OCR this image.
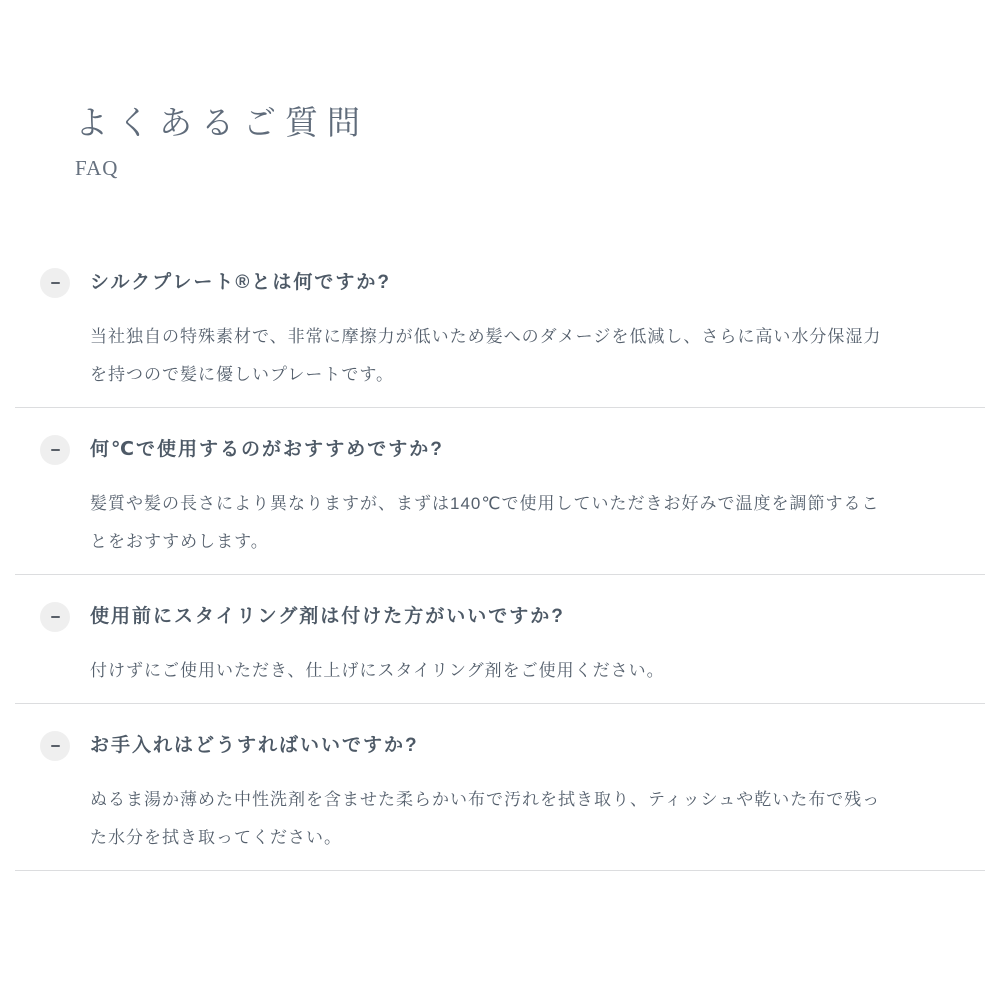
よくあるご質問
FAQ
シルクプレート®とは何ですか?

当社独自の特殊素材で、非常に摩擦力が低いため髪へのダメージを低減し、さらに高い水分保湿力を持つので髪に優しいプレートです。

何℃で使用するのがおすすめですか?

髪質や髪の長さにより異なりますが、まずは140℃で使用していただきお好みで温度を調節することをおすすめします。

使用前にスタイリング剤は付けた方がいいですか?

付けずにご使用いただき、仕上げにスタイリング剤をご使用ください。

お手入れはどうすればいいですか?

ぬるま湯か薄めた中性洗剤を含ませた柔らかい布で汚れを拭き取り、ティッシュや乾いた布で残った水分を拭き取ってください。
